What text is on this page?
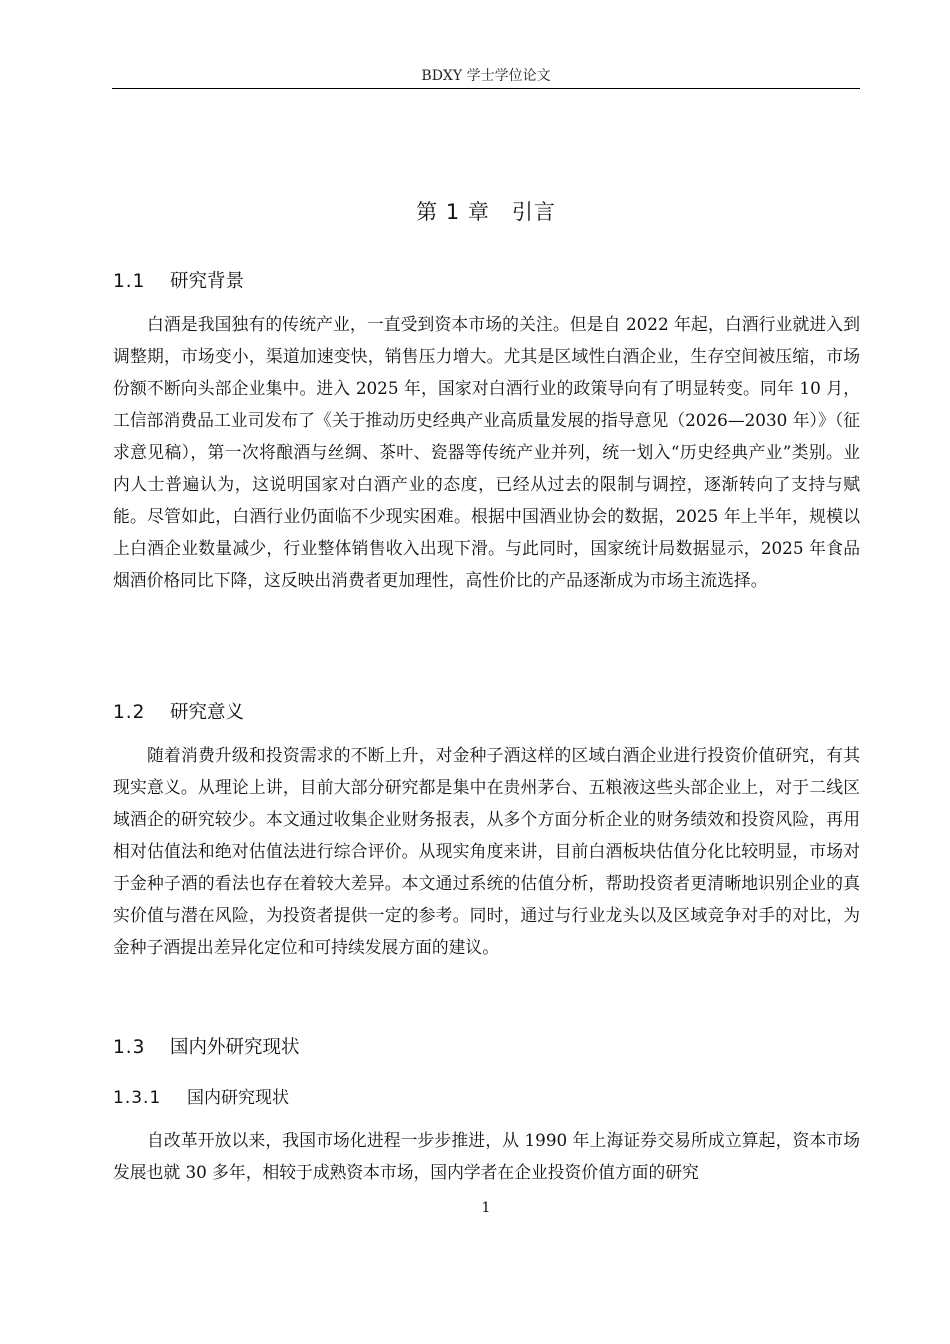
BDXY 学士学位论文
第 1 章 引言
1.1 研究背景

白酒是我国独有的传统产业，一直受到资本市场的关注。但是自 2022 年起，白酒行业就进入到调整期，市场变小，渠道加速变快，销售压力增大。尤其是区域性白酒企业，生存空间被压缩，市场份额不断向头部企业集中。进入 2025 年，国家对白酒行业的政策导向有了明显转变。同年 10 月，工信部消费品工业司发布了《关于推动历史经典产业高质量发展的指导意见（2026—2030 年）》（征求意见稿），第一次将酿酒与丝绸、茶叶、瓷器等传统产业并列，统一划入“历史经典产业”类别。业内人士普遍认为，这说明国家对白酒产业的态度，已经从过去的限制与调控，逐渐转向了支持与赋能。尽管如此，白酒行业仍面临不少现实困难。根据中国酒业协会的数据，2025 年上半年，规模以上白酒企业数量减少，行业整体销售收入出现下滑。与此同时，国家统计局数据显示，2025 年食品烟酒价格同比下降，这反映出消费者更加理性，高性价比的产品逐渐成为市场主流选择。

1.2 研究意义

随着消费升级和投资需求的不断上升，对金种子酒这样的区域白酒企业进行投资价值研究，有其现实意义。从理论上讲，目前大部分研究都是集中在贵州茅台、五粮液这些头部企业上，对于二线区域酒企的研究较少。本文通过收集企业财务报表，从多个方面分析企业的财务绩效和投资风险，再用相对估值法和绝对估值法进行综合评价。从现实角度来讲，目前白酒板块估值分化比较明显，市场对于金种子酒的看法也存在着较大差异。本文通过系统的估值分析，帮助投资者更清晰地识别企业的真实价值与潜在风险，为投资者提供一定的参考。同时，通过与行业龙头以及区域竞争对手的对比，为金种子酒提出差异化定位和可持续发展方面的建议。

1.3 国内外研究现状
1.3.1 国内研究现状

自改革开放以来，我国市场化进程一步步推进，从 1990 年上海证券交易所成立算起，资本市场发展也就 30 多年，相较于成熟资本市场，国内学者在企业投资价值方面的研究

1
